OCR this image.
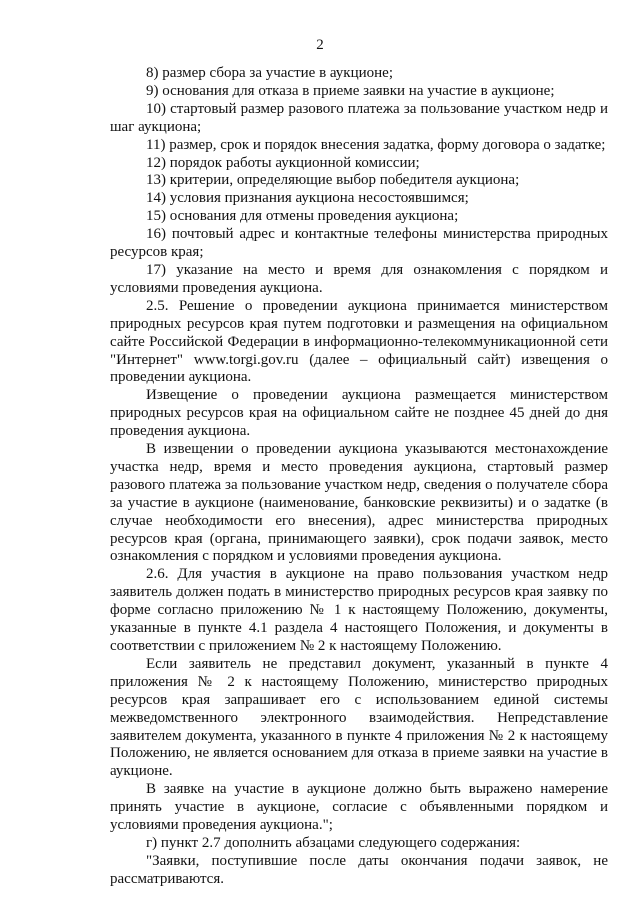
2

8) размер сбора за участие в аукционе;

9) основания для отказа в приеме заявки на участие в аукционе;

10) стартовый размер разового платежа за пользование участком недр и шаг аукциона;

11) размер, срок и порядок внесения задатка, форму договора о задатке;

12) порядок работы аукционной комиссии;

13) критерии, определяющие выбор победителя аукциона;

14) условия признания аукциона несостоявшимся;

15) основания для отмены проведения аукциона;

16) почтовый адрес и контактные телефоны министерства природных ресурсов края;

17) указание на место и время для ознакомления с порядком и условиями проведения аукциона.

2.5. Решение о проведении аукциона принимается министерством природных ресурсов края путем подготовки и размещения на официальном сайте Российской Федерации в информационно-телекоммуникационной сети "Интернет" www.torgi.gov.ru (далее – официальный сайт) извещения о проведении аукциона.

Извещение о проведении аукциона размещается министерством природных ресурсов края на официальном сайте не позднее 45 дней до дня проведения аукциона.

В извещении о проведении аукциона указываются местонахождение участка недр, время и место проведения аукциона, стартовый размер разового платежа за пользование участком недр, сведения о получателе сбора за участие в аукционе (наименование, банковские реквизиты) и о задатке (в случае необходимости его внесения), адрес министерства природных ресурсов края (органа, принимающего заявки), срок подачи заявок, место ознакомления с порядком и условиями проведения аукциона.

2.6. Для участия в аукционе на право пользования участком недр заявитель должен подать в министерство природных ресурсов края заявку по форме согласно приложению № 1 к настоящему Положению, документы, указанные в пункте 4.1 раздела 4 настоящего Положения, и документы в соответствии с приложением № 2 к настоящему Положению.

Если заявитель не представил документ, указанный в пункте 4 приложения № 2 к настоящему Положению, министерство природных ресурсов края запрашивает его с использованием единой системы межведомственного электронного взаимодействия. Непредставление заявителем документа, указанного в пункте 4 приложения № 2 к настоящему Положению, не является основанием для отказа в приеме заявки на участие в аукционе.

В заявке на участие в аукционе должно быть выражено намерение принять участие в аукционе, согласие с объявленными порядком и условиями проведения аукциона.";

г) пункт 2.7 дополнить абзацами следующего содержания:

"Заявки, поступившие после даты окончания подачи заявок, не рассматриваются.
